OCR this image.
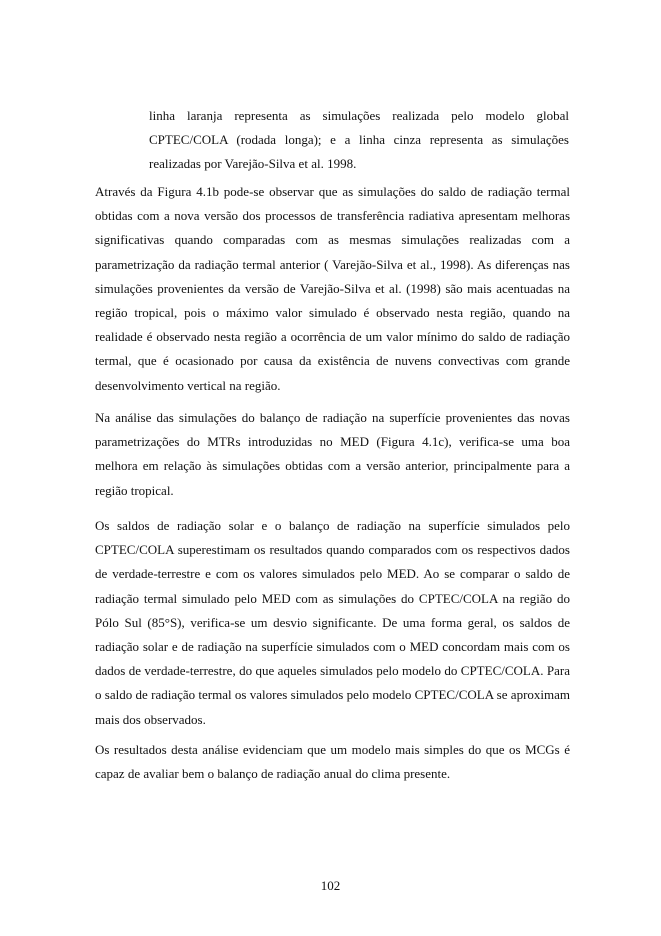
linha laranja representa as simulações realizada pelo modelo global CPTEC/COLA (rodada longa); e a linha cinza representa as simulações realizadas por Varejão-Silva et al. 1998.

Através da Figura 4.1b pode-se observar que as simulações do saldo de radiação termal obtidas com a nova versão dos processos de transferência radiativa apresentam melhoras significativas quando comparadas com as mesmas simulações realizadas com a parametrização da radiação termal anterior ( Varejão-Silva et al., 1998). As diferenças nas simulações provenientes da versão de Varejão-Silva et al. (1998) são mais acentuadas na região tropical, pois o máximo valor simulado é observado nesta região, quando na realidade é observado nesta região a ocorrência de um valor mínimo do saldo de radiação termal, que é ocasionado por causa da existência de nuvens convectivas com grande desenvolvimento vertical na região.

Na análise das simulações do balanço de radiação na superfície provenientes das novas parametrizações do MTRs introduzidas no MED (Figura 4.1c), verifica-se uma boa melhora em relação às simulações obtidas com a versão anterior, principalmente para a região tropical.

Os saldos de radiação solar e o balanço de radiação na superfície simulados pelo CPTEC/COLA superestimam os resultados quando comparados com os respectivos dados de verdade-terrestre e com os valores simulados pelo MED. Ao se comparar o saldo de radiação termal simulado pelo MED com as simulações do CPTEC/COLA na região do Pólo Sul (85°S), verifica-se um desvio significante. De uma forma geral, os saldos de radiação solar e de radiação na superfície simulados com o MED concordam mais com os dados de verdade-terrestre, do que aqueles simulados pelo modelo do CPTEC/COLA. Para o saldo de radiação termal os valores simulados pelo modelo CPTEC/COLA se aproximam mais dos observados.

Os resultados desta análise evidenciam que um modelo mais simples do que os MCGs é capaz de avaliar bem o balanço de radiação anual do clima presente.

102
